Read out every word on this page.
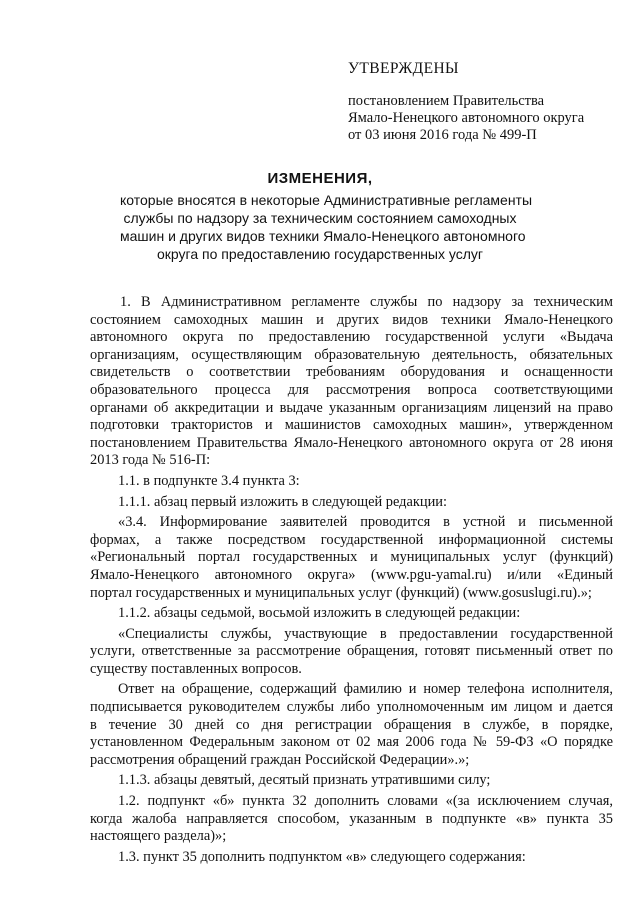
УТВЕРЖДЕНЫ
постановлением Правительства
Ямало-Ненецкого автономного округа
от 03 июня 2016 года № 499-П
ИЗМЕНЕНИЯ,
которые вносятся в некоторые Административные регламенты
службы по надзору за техническим состоянием самоходных
машин и других видов техники Ямало-Ненецкого автономного
округа по предоставлению государственных услуг
1. В Административном регламенте службы по надзору за техническим
состоянием самоходных машин и других видов техники Ямало-Ненецкого
автономного округа по предоставлению государственной услуги «Выдача
организациям, осуществляющим образовательную деятельность, обязательных
свидетельств о соответствии требованиям оборудования и оснащенности
образовательного процесса для рассмотрения вопроса соответствующими
органами об аккредитации и выдаче указанным организациям лицензий на право
подготовки трактористов и машинистов самоходных машин», утвержденном
постановлением Правительства Ямало-Ненецкого автономного округа от 28 июня
2013 года № 516-П:
1.1. в подпункте 3.4 пункта 3:
1.1.1. абзац первый изложить в следующей редакции:
«3.4. Информирование заявителей проводится в устной и письменной
формах, а также посредством государственной информационной системы
«Региональный портал государственных и муниципальных услуг (функций)
Ямало-Ненецкого автономного округа» (www.pgu-yamal.ru) и/или «Единый
портал государственных и муниципальных услуг (функций) (www.gosuslugi.ru).»;
1.1.2. абзацы седьмой, восьмой изложить в следующей редакции:
«Специалисты службы, участвующие в предоставлении государственной
услуги, ответственные за рассмотрение обращения, готовят письменный ответ по
существу поставленных вопросов.
Ответ на обращение, содержащий фамилию и номер телефона исполнителя,
подписывается руководителем службы либо уполномоченным им лицом и дается
в течение 30 дней со дня регистрации обращения в службе, в порядке,
установленном Федеральным законом от 02 мая 2006 года № 59-ФЗ «О порядке
рассмотрения обращений граждан Российской Федерации».»;
1.1.3. абзацы девятый, десятый признать утратившими силу;
1.2. подпункт «б» пункта 32 дополнить словами «(за исключением случая,
когда жалоба направляется способом, указанным в подпункте «в» пункта 35
настоящего раздела)»;
1.3. пункт 35 дополнить подпунктом «в» следующего содержания:
